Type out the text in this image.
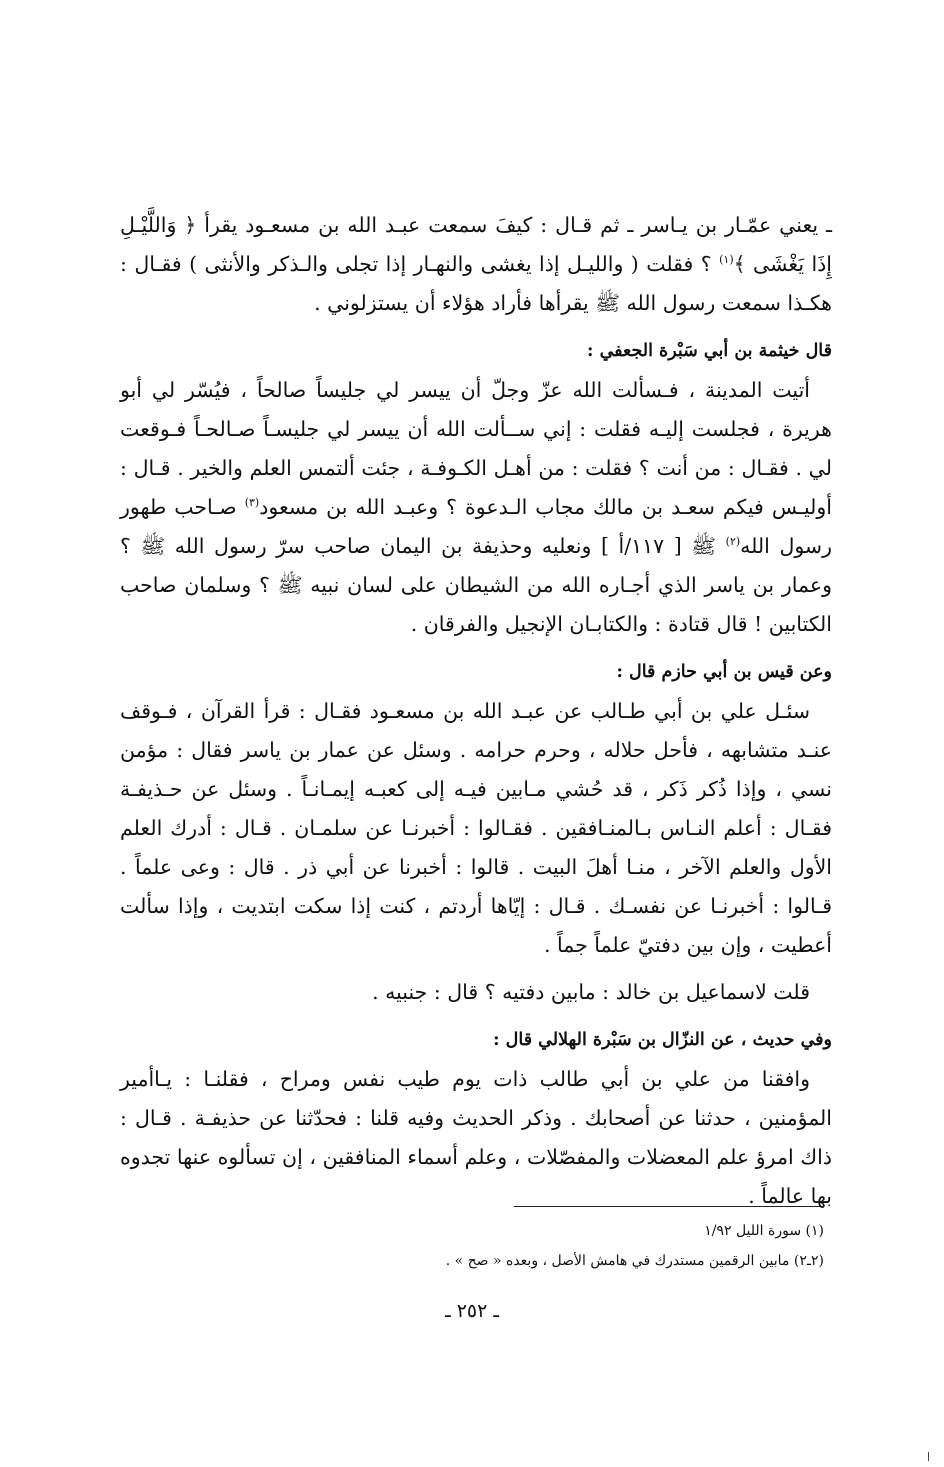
ـ يعني عمّـار بن يـاسر ـ ثم قـال : كيفَ سمعت عبـد الله بن مسعـود يقرأ ﴿ وَاللَّيْـلِ إِذَا يَغْشَى ﴾$^{(١)}$ ؟ فقلت ( والليـل إذا يغشى والنهـار إذا تجلى والـذكر والأنثى ) فقـال : هكـذا سمعت رسول الله ﷺ يقرأها فأراد هؤلاء أن يستزلوني .

قال خيثمة بن أبي سَبْرة الجعفي :

أتيت المدينة ، فـسألت الله عزّ وجلّ أن ييسر لي جليساً صالحاً ، فيُسّر لي أبو هريرة ، فجلست إليـه فقلت : إني ســألت الله أن ييسر لي جليسـاً صـالحـاً فـوقعت لي . فقـال : من أنت ؟ فقلت : من أهـل الكـوفـة ، جئت ألتمس العلم والخير . قـال : أوليـس فيكم سعـد بن مالك مجاب الـدعوة ؟ وعبـد الله بن مسعود$^{(٣)}$ صـاحب طهور رسول الله$^{(٢)}$ ﷺ [ ١١٧/أ ] ونعليه وحذيفة بن اليمان صاحب سرّ رسول الله ﷺ ؟ وعمار بن ياسر الذي أجـاره الله من الشيطان على لسان نبيه ﷺ ؟ وسلمان صاحب الكتابين ! قال قتادة : والكتابـان الإنجيل والفرقان .

وعن قيس بن أبي حازم قال :

سئـل علي بن أبي طـالب عن عبـد الله بن مسعـود فقـال : قرأ القرآن ، فـوقف عنـد متشابهه ، فأحل حلاله ، وحرم حرامه . وسئل عن عمار بن ياسر فقال : مؤمن نسي ، وإذا ذُكر ذَكر ، قد حُشي مـابين فيـه إلى كعبـه إيمـانـاً . وسئل عن حـذيفـة فقـال : أعلم النـاس بـالمنـافقين . فقـالوا : أخبرنـا عن سلمـان . قـال : أدرك العلم الأول والعلم الآخر ، منـا أهلَ البيت . قالوا : أخبرنا عن أبي ذر . قال : وعى علماً . قـالوا : أخبرنـا عن نفسـك . قـال : إيّاها أردتم ، كنت إذا سكت ابتديت ، وإذا سألت أعطيت ، وإن بين دفتيّ علماً جماً .

قلت لاسماعيل بن خالد : مابين دفتيه ؟ قال : جنبيه .

وفي حديث ، عن النزّال بن سَبْرة الهلالي قال :

وافقنا من علي بن أبي طالب ذات يوم طيب نفس ومراح ، فقلنـا : يـاأمير المؤمنين ، حدثنا عن أصحابك . وذكر الحديث وفيه قلنا : فحدّثنا عن حذيفـة . قـال : ذاك امرؤ علم المعضلات والمفصّلات ، وعلم أسماء المنافقين ، إن تسألوه عنها تجدوه بها عالماً .

(١) سورة الليل ١/٩٢
(٢ـ٢) مابين الرقمين مستدرك في هامش الأصل ، وبعده « صح » .
ـ ٢٥٢ ـ
